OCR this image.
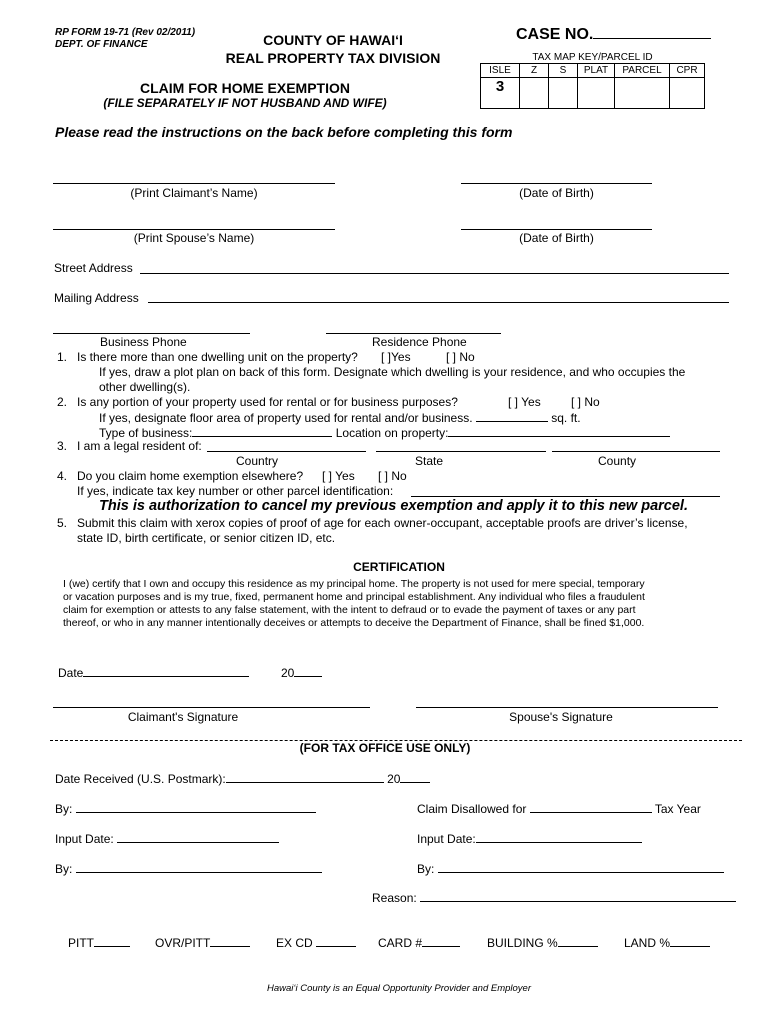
RP FORM 19-71 (Rev 02/2011)
DEPT. OF FINANCE	COUNTY OF HAWAI‘I
REAL PROPERTY TAX DIVISION
CLAIM FOR HOME EXEMPTION
(FILE SEPARATELY IF NOT HUSBAND AND WIFE)
CASE NO.
TAX MAP KEY/PARCEL ID					
ISLE	Z	S	PLAT	PARCEL	CPR
3					
Please read the instructions on the back before completing this form
(Print Claimant’s Name)	(Date of Birth)
(Print Spouse’s Name)	(Date of Birth)
Street Address
Mailing Address
Business Phone	Residence Phone
1. Is there more than one dwelling unit on the property? [ ]Yes	[ ] No
If yes, draw a plot plan on back of this form. Designate which dwelling is your residence, and who occupies the
other dwelling(s).
2. Is any portion of your property used for rental or for business purposes?	[ ] Yes	[ ] No
If yes, designate floor area of property used for rental and/or business.	sq. ft.
Type of business:	Location on property:
3. I am a legal resident of:
Country	State	County
4. Do you claim home exemption elsewhere? [ ] Yes [ ] No
If yes, indicate tax key number or other parcel identification:
This is authorization to cancel my previous exemption and apply it to this new parcel.
5. Submit this claim with xerox copies of proof of age for each owner-occupant, acceptable proofs are driver’s license,
state ID, birth certificate, or senior citizen ID, etc.
CERTIFICATION
I (we) certify that I own and occupy this residence as my principal home. The property is not used for mere special, temporary
or vacation purposes and is my true, fixed, permanent home and principal establishment. Any individual who files a fraudulent
claim for exemption or attests to any false statement, with the intent to defraud or to evade the payment of taxes or any part
thereof, or who in any manner intentionally deceives or attempts to deceive the Department of Finance, shall be fined $1,000.
Date	20
Claimant's Signature	Spouse's Signature
(FOR TAX OFFICE USE ONLY)
Date Received (U.S. Postmark):	20
By:	Claim Disallowed for	Tax Year
Input Date:	Input Date:
By:	By:
Reason:
PITT	OVR/PITT	EX CD	CARD #	BUILDING %	LAND %
Hawai‘i County is an Equal Opportunity Provider and Employer
